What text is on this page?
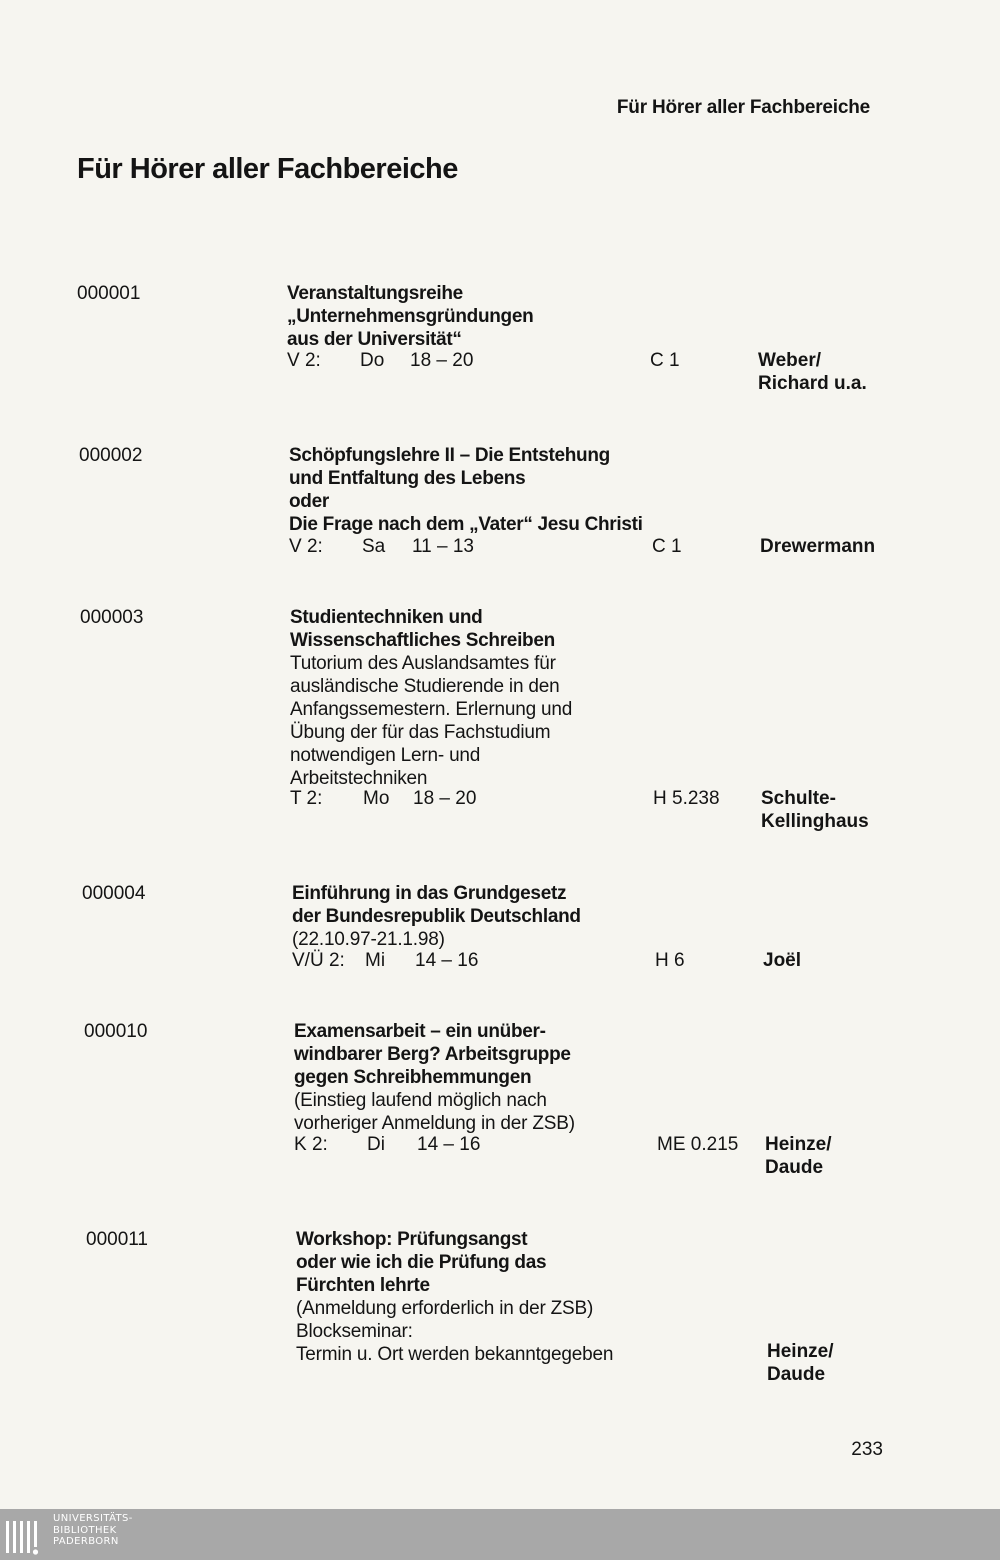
Für Hörer aller Fachbereiche
Für Hörer aller Fachbereiche
000001	Veranstaltungsreihe
„Unternehmensgründungen
aus der Universität“
V 2: Do 18 – 20	C 1	Weber/
Richard u.a.
000002	Schöpfungslehre II – Die Entstehung
und Entfaltung des Lebens
oder
Die Frage nach dem „Vater“ Jesu Christi
V 2: Sa 11 – 13	C 1	Drewermann
000003	Studientechniken und
Wissenschaftliches Schreiben
Tutorium des Auslandsamtes für
ausländische Studierende in den
Anfangssemestern. Erlernung und
Übung der für das Fachstudium
notwendigen Lern- und
Arbeitstechniken
T 2: Mo 18 – 20	H 5.238 Schulte-
Kellinghaus
000004	Einführung in das Grundgesetz
der Bundesrepublik Deutschland
(22.10.97-21.1.98)
V/Ü 2: Mi 14 – 16	H 6	Joël
000010	Examensarbeit – ein unüber-
windbarer Berg? Arbeitsgruppe
gegen Schreibhemmungen
(Einstieg laufend möglich nach
vorheriger Anmeldung in der ZSB)
K 2: Di 14 – 16	ME 0.215 Heinze/
Daude
000011	Workshop: Prüfungsangst
oder wie ich die Prüfung das
Fürchten lehrte
(Anmeldung erforderlich in der ZSB)
Blockseminar:
Termin u. Ort werden bekanntgegeben	Heinze/
Daude
233
UNIVERSITÄTS-
BIBLIOTHEK
PADERBORN
